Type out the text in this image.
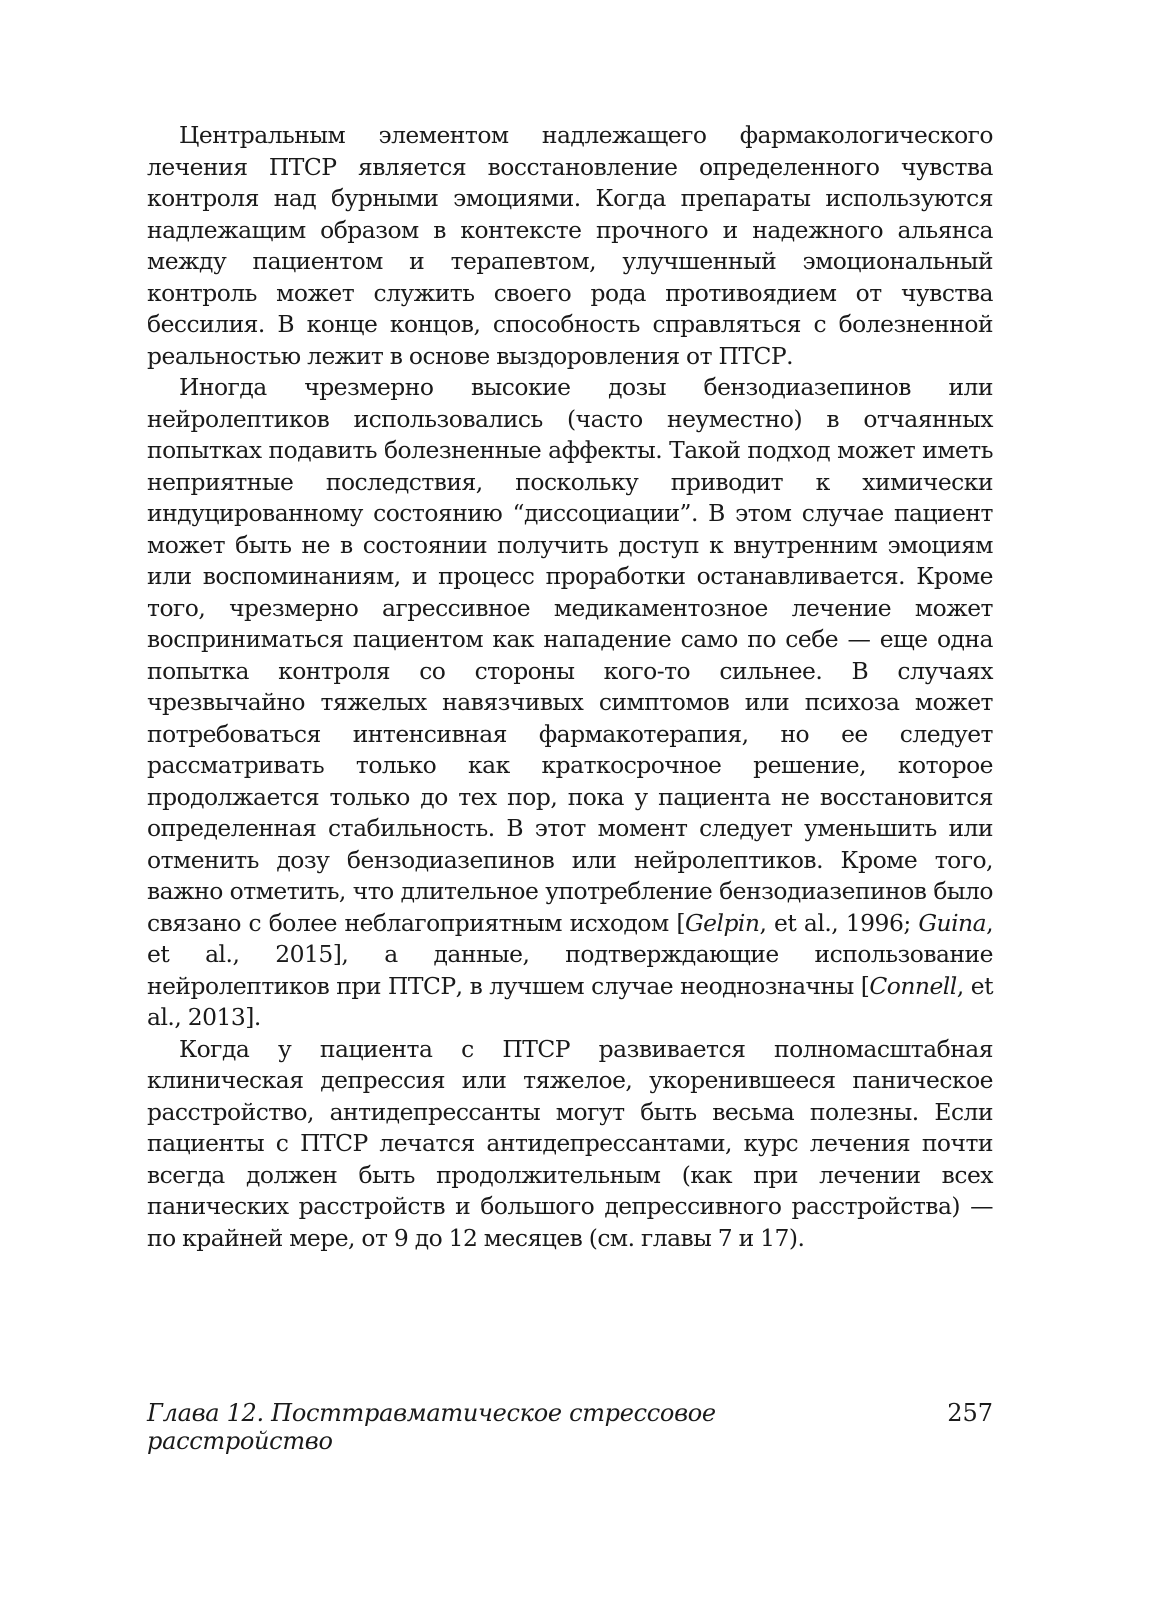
Центральным элементом надлежащего фармакологического лечения ПТСР является восстановление определенного чувства контроля над бурными эмоциями. Когда препараты используются надлежащим образом в контексте прочного и надежного альянса между пациентом и терапевтом, улучшенный эмоциональный контроль может служить своего рода противоядием от чувства бессилия. В конце концов, способность справляться с болезненной реальностью лежит в основе выздоровления от ПТСР.

Иногда чрезмерно высокие дозы бензодиазепинов или нейролептиков использовались (часто неуместно) в отчаянных попытках подавить болезненные аффекты. Такой подход может иметь неприятные последствия, поскольку приводит к химически индуцированному состоянию “диссоциации”. В этом случае пациент может быть не в состоянии получить доступ к внутренним эмоциям или воспоминаниям, и процесс проработки останавливается. Кроме того, чрезмерно агрессивное медикаментозное лечение может восприниматься пациентом как нападение само по себе — еще одна попытка контроля со стороны кого-то сильнее. В случаях чрезвычайно тяжелых навязчивых симптомов или психоза может потребоваться интенсивная фармакотерапия, но ее следует рассматривать только как краткосрочное решение, которое продолжается только до тех пор, пока у пациента не восстановится определенная стабильность. В этот момент следует уменьшить или отменить дозу бензодиазепинов или нейролептиков. Кроме того, важно отметить, что длительное употребление бензодиазепинов было связано с более неблагоприятным исходом [Gelpin, et al., 1996; Guina, et al., 2015], а данные, подтверждающие использование нейролептиков при ПТСР, в лучшем случае неоднозначны [Connell, et al., 2013].

Когда у пациента с ПТСР развивается полномасштабная клиническая депрессия или тяжелое, укоренившееся паническое расстройство, антидепрессанты могут быть весьма полезны. Если пациенты с ПТСР лечатся антидепрессантами, курс лечения почти всегда должен быть продолжительным (как при лечении всех панических расстройств и большого депрессивного расстройства) — по крайней мере, от 9 до 12 месяцев (см. главы 7 и 17).

Глава 12. Посттравматическое стрессовое расстройство
257
